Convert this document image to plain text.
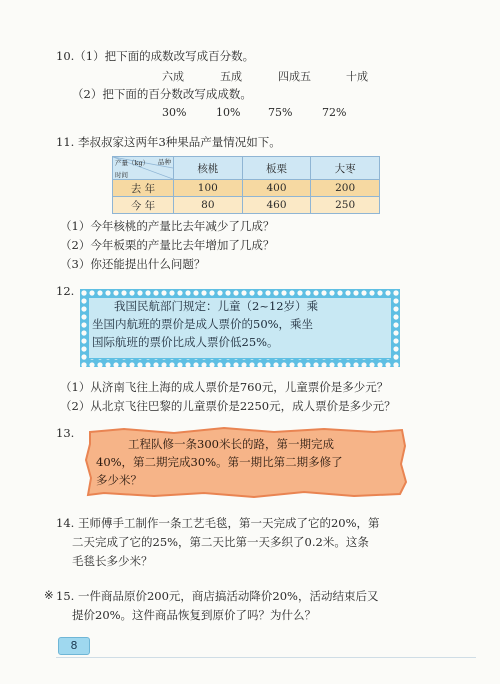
10.（1）把下面的成数改写成百分数。
六成	五成	四成五	十成
（2）把下面的百分数改写成成数。
30%	10%	75%	72%
11. 李叔叔家这两年3种果品产量情况如下。
品种
产量（kg）
时间	核桃	板栗	大枣
去 年	100	400	200
今 年	80	460	250
（1）今年核桃的产量比去年减少了几成？
（2）今年板栗的产量比去年增加了几成？
（3）你还能提出什么问题？
12.
我国民航部门规定：儿童（2~12岁）乘
坐国内航班的票价是成人票价的50%，乘坐
国际航班的票价比成人票价低25%。
（1）从济南飞往上海的成人票价是760元，儿童票价是多少元？
（2）从北京飞往巴黎的儿童票价是2250元，成人票价是多少元？
13.
工程队修一条300米长的路，第一期完成
40%，第二期完成30%。第一期比第二期多修了
多少米？
14. 王师傅手工制作一条工艺毛毯，第一天完成了它的20%，第
二天完成了它的25%，第二天比第一天多织了0.2米。这条
毛毯长多少米？
※ 15. 一件商品原价200元，商店搞活动降价20%，活动结束后又
提价20%。这件商品恢复到原价了吗？为什么？
8
